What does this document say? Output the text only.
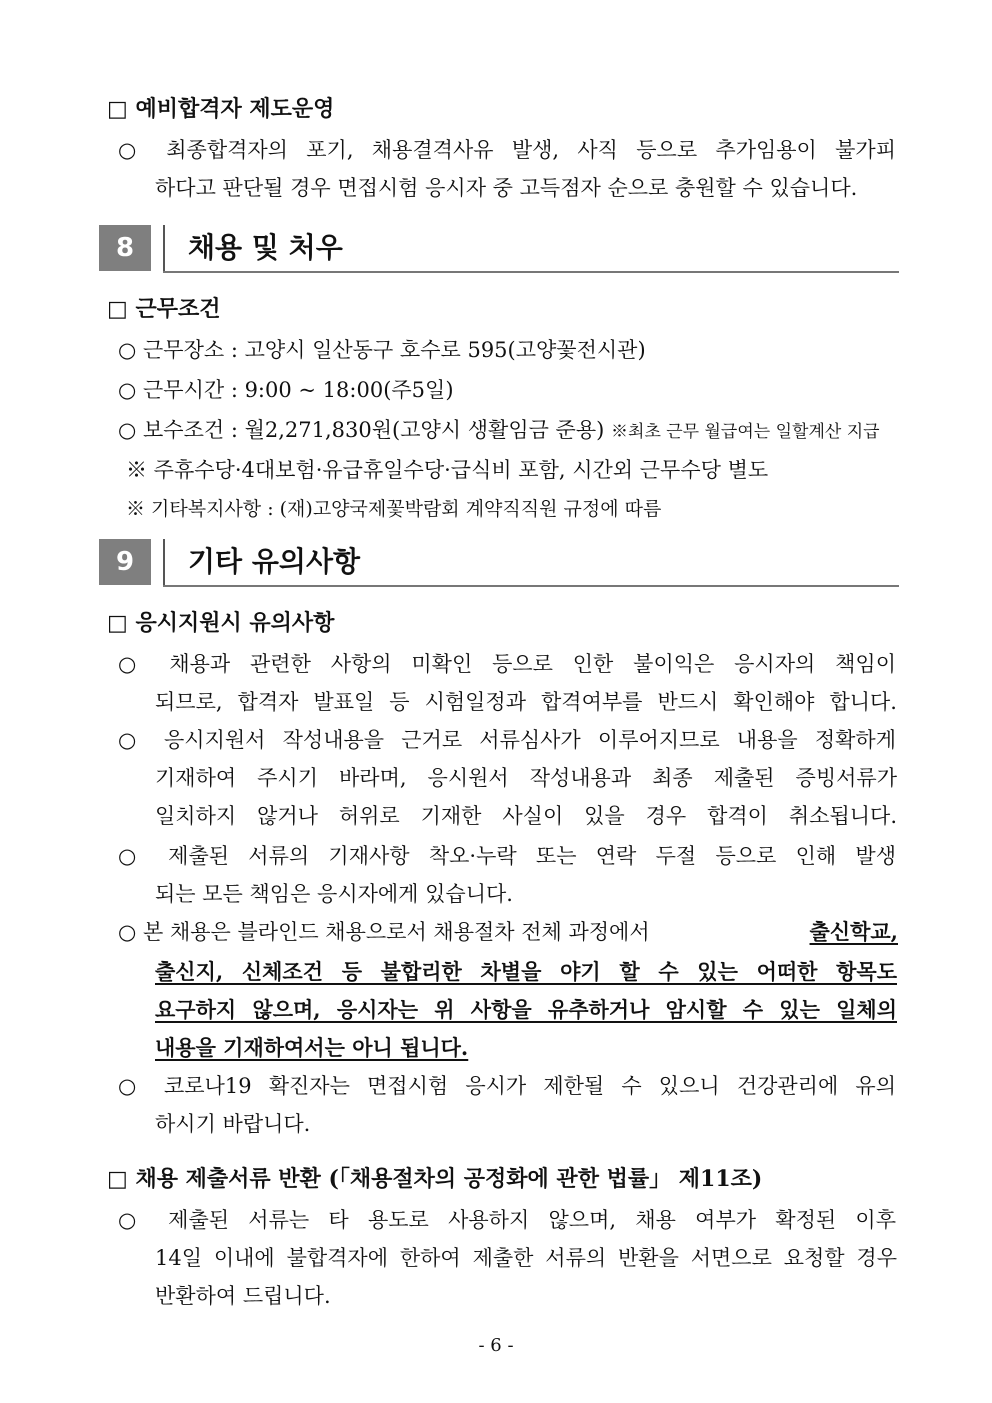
□ 예비합격자 제도운영
○ 최종합격자의 포기, 채용결격사유 발생, 사직 등으로 추가임용이 불가피
하다고 판단될 경우 면접시험 응시자 중 고득점자 순으로 충원할 수 있습니다.
8	채용 및 처우
□ 근무조건
○ 근무장소 : 고양시 일산동구 호수로 595(고양꽃전시관)
○ 근무시간 : 9:00 ~ 18:00(주5일)
○ 보수조건 : 월2,271,830원(고양시 생활임금 준용) ※최초 근무 월급여는 일할계산 지급
※ 주휴수당·4대보험·유급휴일수당·급식비 포함, 시간외 근무수당 별도
※ 기타복지사항 : (재)고양국제꽃박람회 계약직직원 규정에 따름
9	기타 유의사항
□ 응시지원시 유의사항
○ 채용과 관련한 사항의 미확인 등으로 인한 불이익은 응시자의 책임이
되므로, 합격자 발표일 등 시험일정과 합격여부를 반드시 확인해야 합니다.
○ 응시지원서 작성내용을 근거로 서류심사가 이루어지므로 내용을 정확하게
기재하여 주시기 바라며, 응시원서 작성내용과 최종 제출된 증빙서류가
일치하지 않거나 허위로 기재한 사실이 있을 경우 합격이 취소됩니다.
○ 제출된 서류의 기재사항 착오·누락 또는 연락 두절 등으로 인해 발생
되는 모든 책임은 응시자에게 있습니다.
○ 본 채용은 블라인드 채용으로서 채용절차 전체 과정에서	출신학교,
출신지, 신체조건 등 불합리한 차별을 야기 할 수 있는 어떠한 항목도
요구하지 않으며, 응시자는 위 사항을 유추하거나 암시할 수 있는 일체의
내용을 기재하여서는 아니 됩니다.
○ 코로나19 확진자는 면접시험 응시가 제한될 수 있으니 건강관리에 유의
하시기 바랍니다.
□ 채용 제출서류 반환 (「채용절차의 공정화에 관한 법률」 제11조)
○ 제출된 서류는 타 용도로 사용하지 않으며, 채용 여부가 확정된 이후
14일 이내에 불합격자에 한하여 제출한 서류의 반환을 서면으로 요청할 경우
반환하여 드립니다.
- 6 -
